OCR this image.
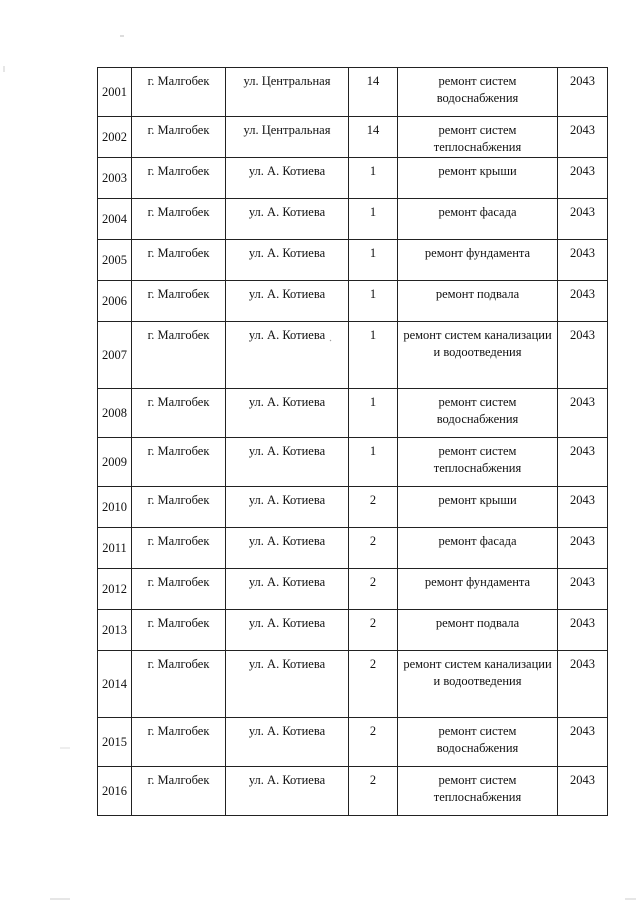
2001	г. Малгобек	ул. Центральная	14	ремонт систем водоснабжения	2043
2002	г. Малгобек	ул. Центральная	14	ремонт систем теплоснабжения	2043
2003	г. Малгобек	ул. А. Котиева	1	ремонт крыши	2043
2004	г. Малгобек	ул. А. Котиева	1	ремонт фасада	2043
2005	г. Малгобек	ул. А. Котиева	1	ремонт фундамента	2043
2006	г. Малгобек	ул. А. Котиева	1	ремонт подвала	2043
2007	г. Малгобек	ул. А. Котиева	1	ремонт систем канализации и водоотведения	2043
2008	г. Малгобек	ул. А. Котиева	1	ремонт систем водоснабжения	2043
2009	г. Малгобек	ул. А. Котиева	1	ремонт систем теплоснабжения	2043
2010	г. Малгобек	ул. А. Котиева	2	ремонт крыши	2043
2011	г. Малгобек	ул. А. Котиева	2	ремонт фасада	2043
2012	г. Малгобек	ул. А. Котиева	2	ремонт фундамента	2043
2013	г. Малгобек	ул. А. Котиева	2	ремонт подвала	2043
2014	г. Малгобек	ул. А. Котиева	2	ремонт систем канализации и водоотведения	2043
2015	г. Малгобек	ул. А. Котиева	2	ремонт систем водоснабжения	2043
2016	г. Малгобек	ул. А. Котиева	2	ремонт систем теплоснабжения	2043
